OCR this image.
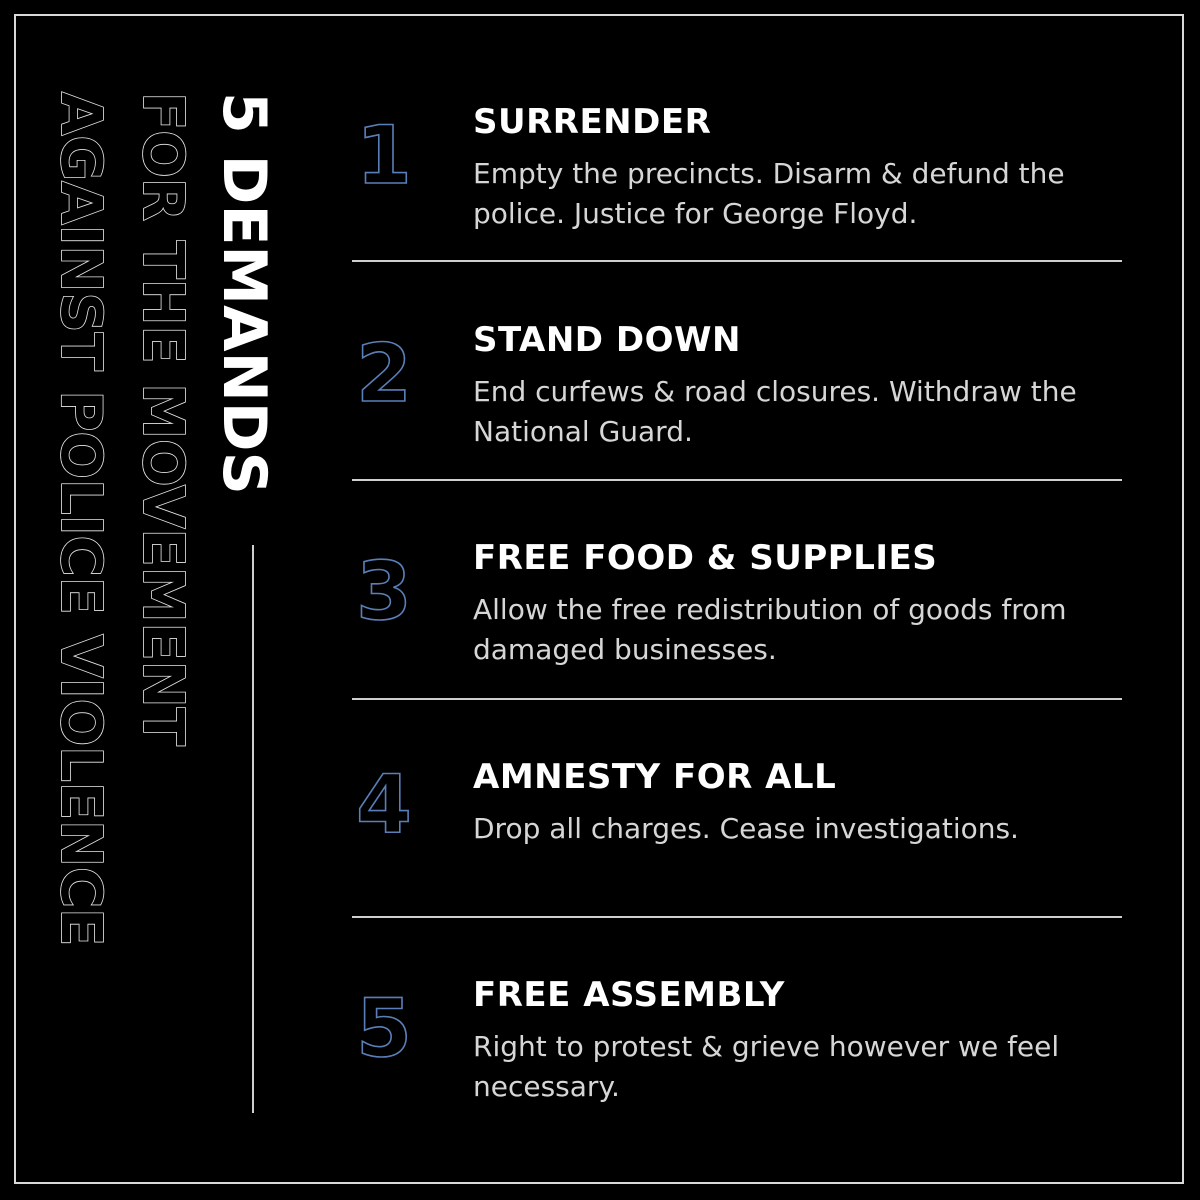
5 DEMANDS
FOR THE MOVEMENT
AGAINST POLICE VIOLENCE	1 SURRENDER
Empty the precincts. Disarm & defund the police. Justice for George Floyd.
2 STAND DOWN
End curfews & road closures. Withdraw the National Guard.
3 FREE FOOD & SUPPLIES
Allow the free redistribution of goods from damaged businesses.
4 AMNESTY FOR ALL
Drop all charges. Cease investigations.
5 FREE ASSEMBLY
Right to protest & grieve however we feel necessary.
